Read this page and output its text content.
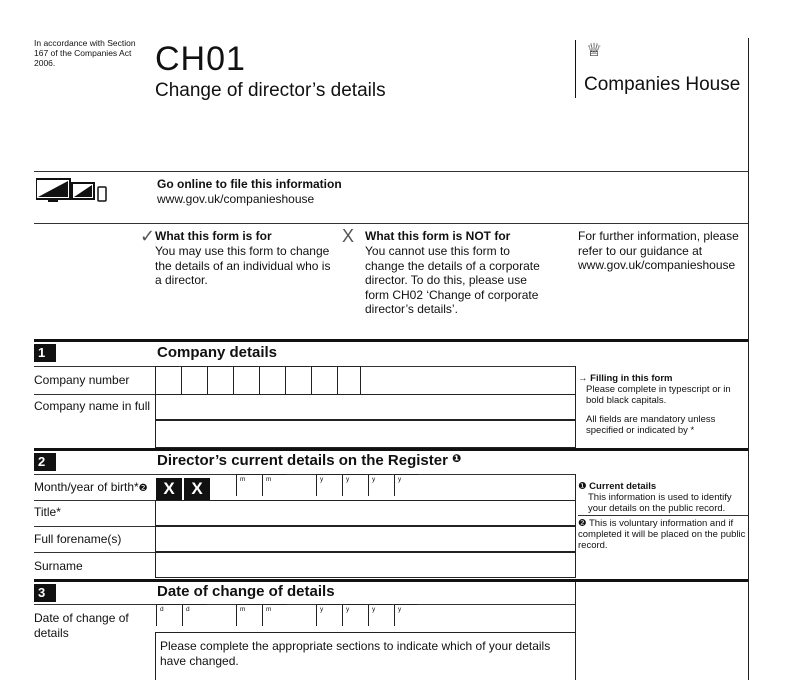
In accordance with Section 167 of the Companies Act 2006.	CH01
Change of director’s details
♕
Companies House
Go online to file this information
www.gov.uk/companieshouse
✓ What this form is for
You may use this form to change the details of an individual who is a director.
X What this form is NOT for
You cannot use this form to change the details of a corporate director. To do this, please use form CH02 ‘Change of corporate director’s details’.
For further information, please refer to our guidance at www.gov.uk/companieshouse
1	Company details
Company number
Company name in full
→ Filling in this form
Please complete in typescript or in bold black capitals.
All fields are mandatory unless specified or indicated by *
2	Director’s current details on the Register $^❶$
Month/year of birth*❷ X X	m	m	y	y	y	y
Title*
Full forename(s)
Surname
❶ Current details
This information is used to identify your details on the public record.
❷ This is voluntary information and if completed it will be placed on the public record.
3	Date of change of details
Date of change of details
d	d	m	m	y	y	y	y
Please complete the appropriate sections to indicate which of your details have changed.
